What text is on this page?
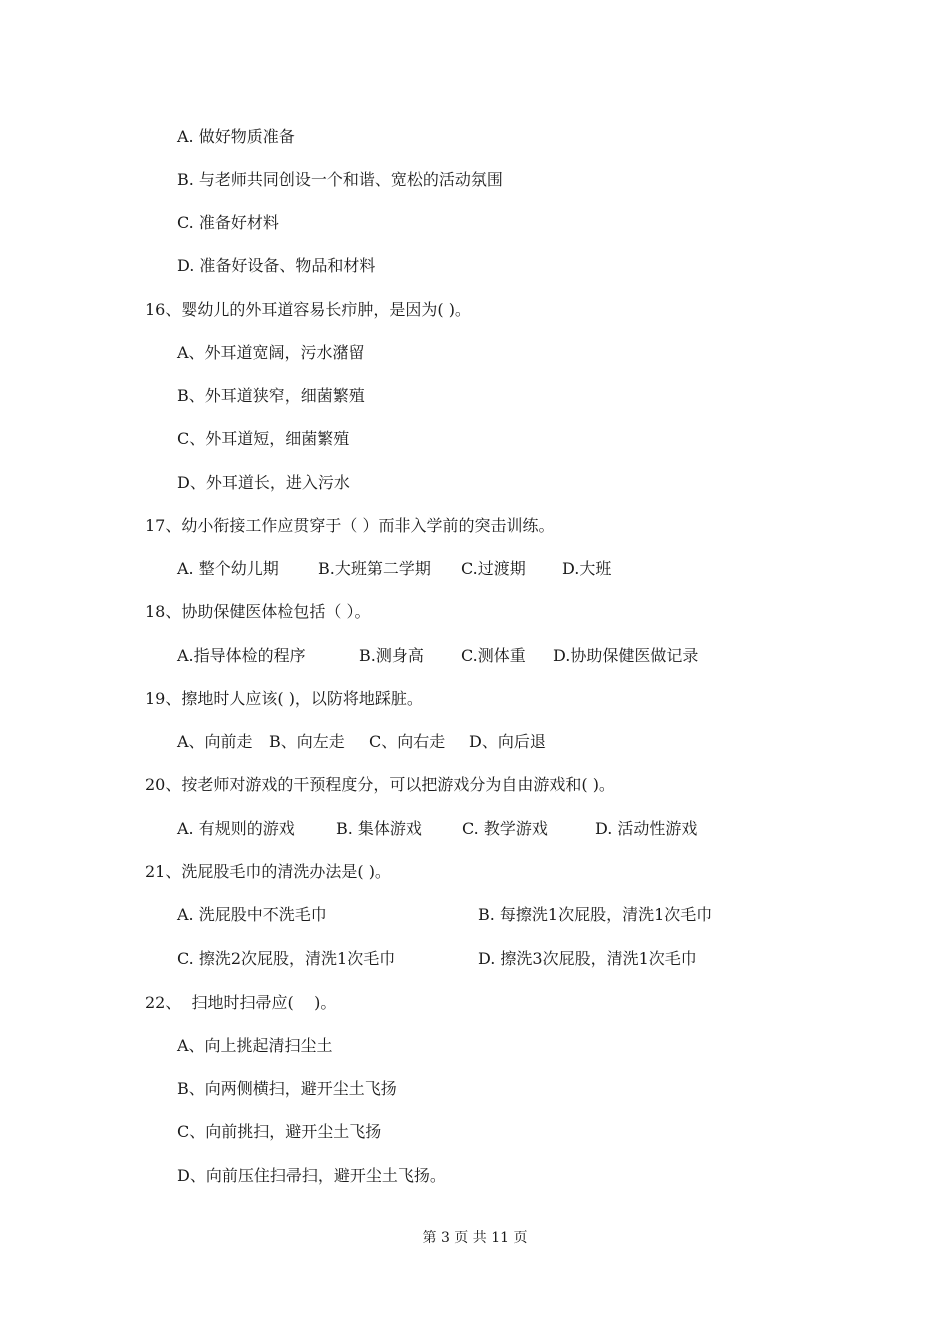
A. 做好物质准备
B. 与老师共同创设一个和谐、宽松的活动氛围
C. 准备好材料
D. 准备好设备、物品和材料
16、婴幼儿的外耳道容易长疖肿，是因为( )。
A、外耳道宽阔，污水潴留
B、外耳道狭窄，细菌繁殖
C、外耳道短，细菌繁殖
D、外耳道长，进入污水
17、幼小衔接工作应贯穿于（ ）而非入学前的突击训练。
A. 整个幼儿期 B.大班第二学期 C.过渡期 D.大班
18、协助保健医体检包括（ ）。
A.指导体检的程序	B.测身高 C.测体重 D.协助保健医做记录
19、擦地时人应该( )，以防将地踩脏。
A、向前走 B、向左走 C、向右走 D、向后退
20、按老师对游戏的干预程度分，可以把游戏分为自由游戏和( )。
A. 有规则的游戏	B. 集体游戏	C. 教学游戏	D. 活动性游戏
21、洗屁股毛巾的清洗办法是( )。
A. 洗屁股中不洗毛巾	B. 每擦洗1次屁股，清洗1次毛巾
C. 擦洗2次屁股，清洗1次毛巾	D. 擦洗3次屁股，清洗1次毛巾
22、  扫地时扫帚应(    )。
A、向上挑起清扫尘土
B、向两侧横扫，避开尘土飞扬
C、向前挑扫，避开尘土飞扬
D、向前压住扫帚扫，避开尘土飞扬。
第 3 页 共 11 页
